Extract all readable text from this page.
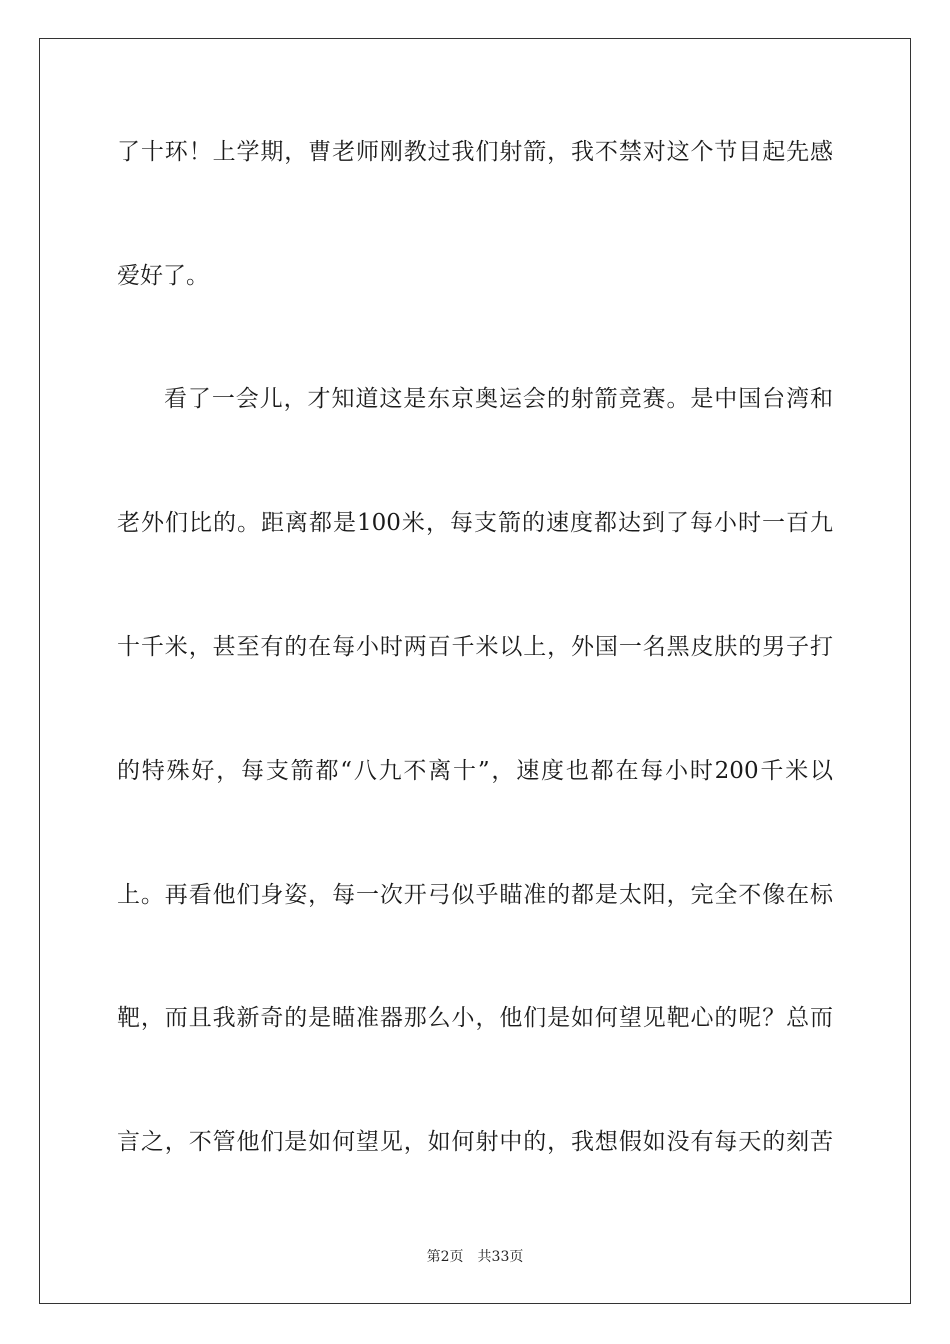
了十环！上学期，曹老师刚教过我们射箭，我不禁对这个节目起先感
爱好了。
看了一会儿，才知道这是东京奥运会的射箭竞赛。是中国台湾和
老外们比的。距离都是100米，每支箭的速度都达到了每小时一百九
十千米，甚至有的在每小时两百千米以上，外国一名黑皮肤的男子打
的特殊好，每支箭都“八九不离十”，速度也都在每小时200千米以
上。再看他们身姿，每一次开弓似乎瞄准的都是太阳，完全不像在标
靶，而且我新奇的是瞄准器那么小，他们是如何望见靶心的呢？总而
言之，不管他们是如何望见，如何射中的，我想假如没有每天的刻苦
第2页 共33页
